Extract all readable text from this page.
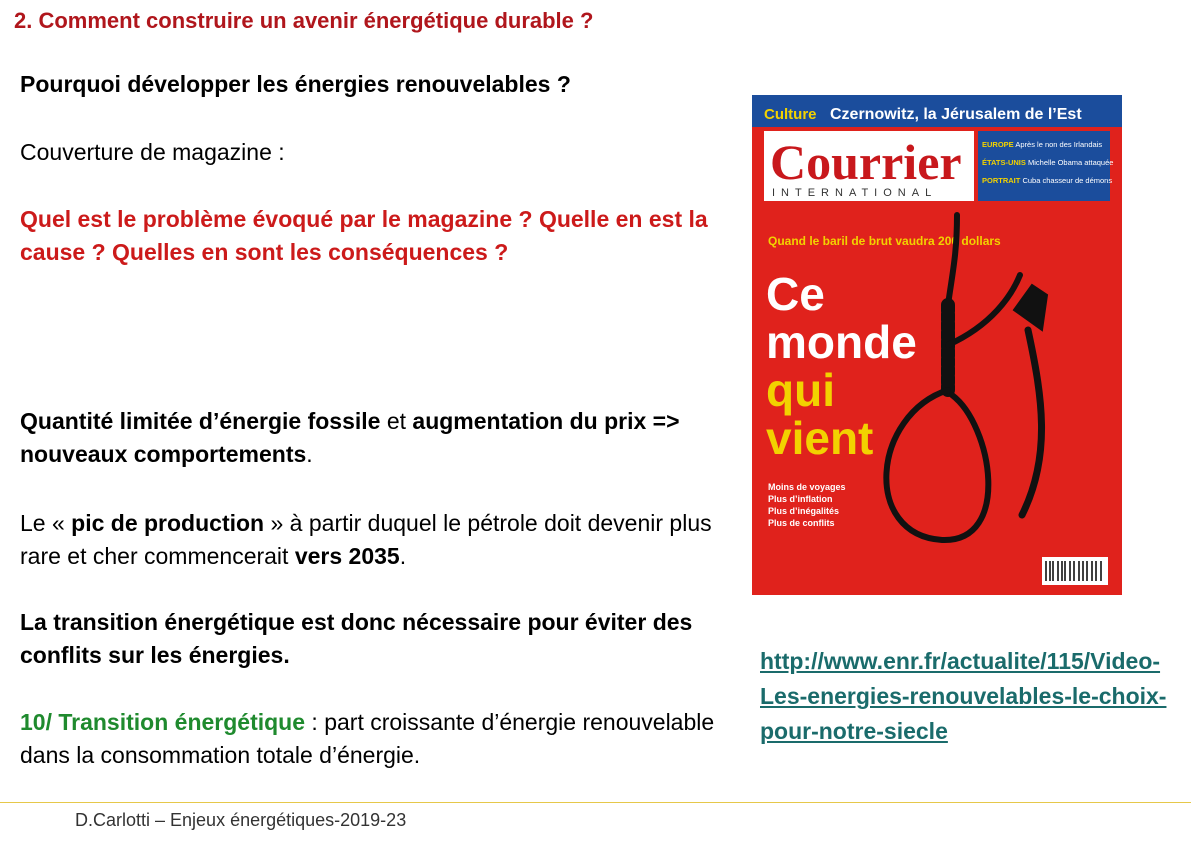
2. Comment construire un avenir énergétique durable ?
Pourquoi développer les énergies renouvelables ?
Couverture de magazine :
Quel est le problème évoqué par le magazine ? Quelle en est la cause ? Quelles en sont les conséquences ?
Quantité limitée d’énergie fossile et augmentation du prix => nouveaux comportements.
Le « pic de production » à partir duquel le pétrole doit devenir plus rare et cher commencerait vers 2035.
La transition énergétique est donc nécessaire pour éviter des conflits sur les énergies.
10/ Transition énergétique : part croissante d’énergie renouvelable dans la consommation totale d’énergie.
http://www.enr.fr/actualite/115/Video-Les-energies-renouvelables-le-choix-pour-notre-siecle
Culture Czernowitz, la Jérusalem de l’Est
Courrier
INTERNATIONAL
EUROPE Après le non des Irlandais
ÉTATS-UNIS Michelle Obama attaquée
PORTRAIT Cuba chasseur de démons
Quand le baril de brut vaudra 200 dollars
Ce
monde
qui
vient
Moins de voyages
Plus d’inflation
Plus d’inégalités
Plus de conflits
D.Carlotti – Enjeux énergétiques-2019-23
